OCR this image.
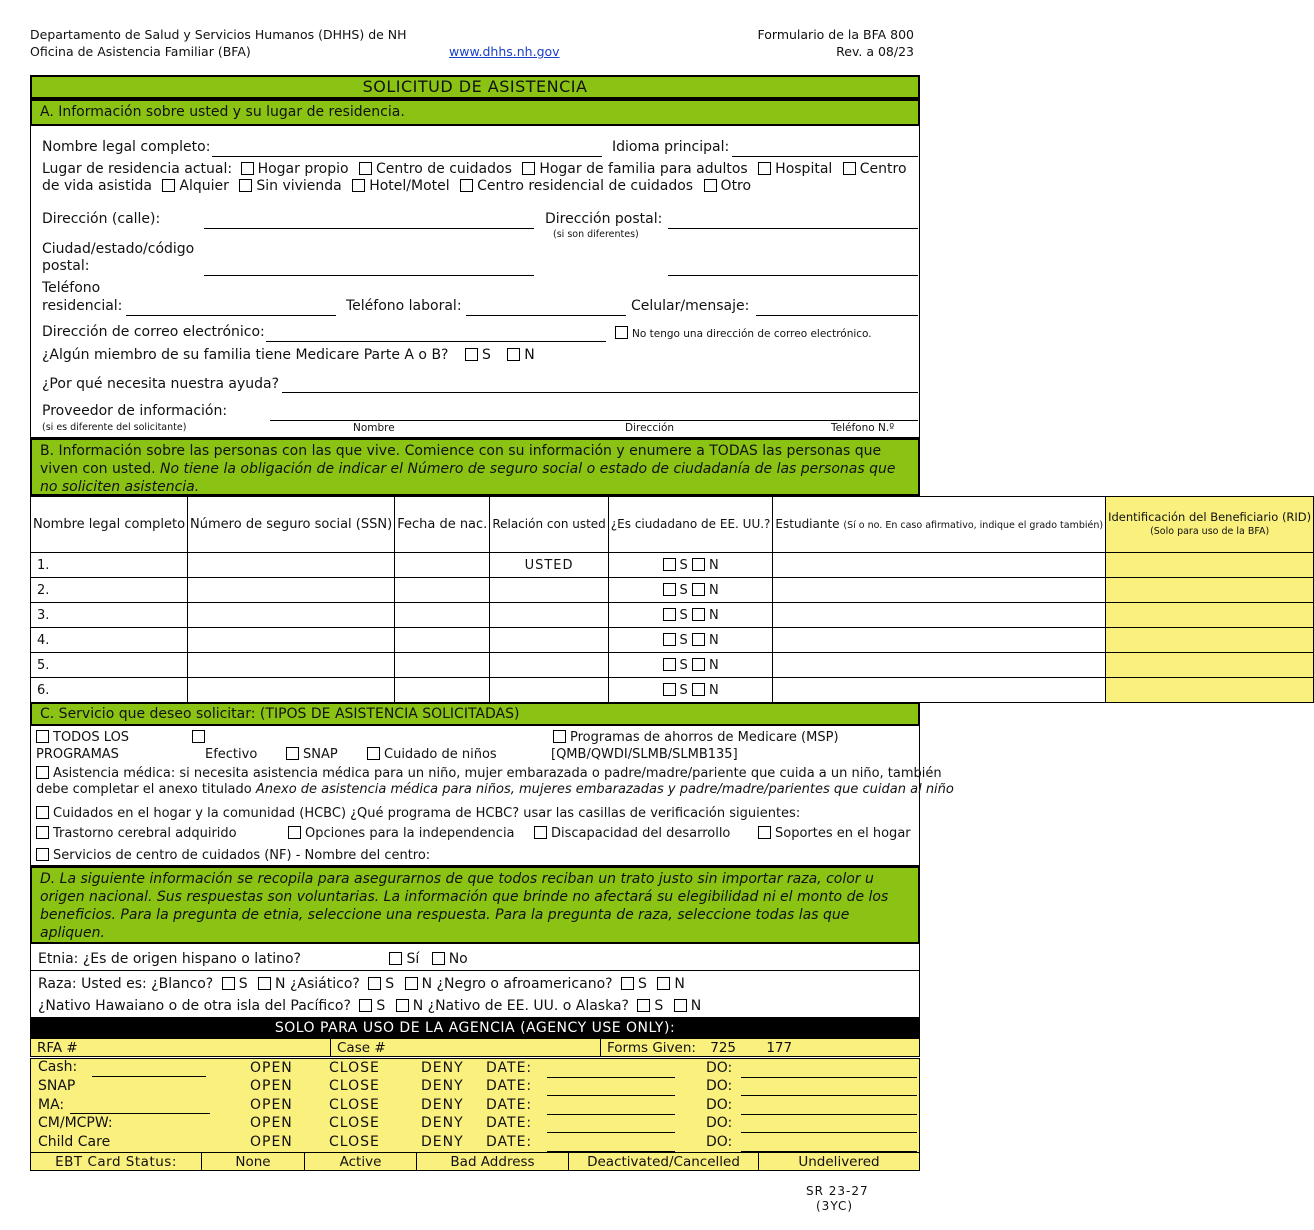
Departamento de Salud y Servicios Humanos (DHHS) de NH
Oficina de Asistencia Familiar (BFA)	www.dhhs.nh.gov
Formulario de la BFA 800
Rev. a 08/23
SOLICITUD DE ASISTENCIA
A. Información sobre usted y su lugar de residencia.
Nombre legal completo:	Idioma principal:
Lugar de residencia actual: Hogar propio Centro de cuidados Hogar de familia para adultos Hospital Centro
de vida asistida Alquier Sin vivienda Hotel/Motel Centro residencial de cuidados Otro
Dirección (calle):	Dirección postal:
(si son diferentes)
Ciudad/estado/código
postal:
Teléfono
residencial:	Teléfono laboral:	Celular/mensaje:
Dirección de correo electrónico:	No tengo una dirección de correo electrónico.
¿Algún miembro de su familia tiene Medicare Parte A o B? S N
¿Por qué necesita nuestra ayuda?
Proveedor de información:
(si es diferente del solicitante)	Nombre	Dirección	Teléfono N.º
B. Información sobre las personas con las que vive. Comience con su información y enumere a TODAS las personas que viven con usted. No tiene la obligación de indicar el Número de seguro social o estado de ciudadanía de las personas que no soliciten asistencia.
Nombre legal completo	Número de seguro social (SSN)	Fecha de nac.	Relación con usted	¿Es ciudadano de EE. UU.?	Estudiante (Sí o no. En caso afirmativo, indique el grado también)	Identificación del Beneficiario (RID)
(Solo para uso de la BFA)
1.			USTED	S N		
2.				S N		
3.				S N		
4.				S N		
5.				S N		
6.				S N		
C. Servicio que deseo solicitar: (TIPOS DE ASISTENCIA SOLICITADAS)
TODOS LOS
PROGRAMAS	Efectivo	SNAP	Cuidado de niños
Programas de ahorros de Medicare (MSP)
[QMB/QWDI/SLMB/SLMB135]
Asistencia médica: si necesita asistencia médica para un niño, mujer embarazada o padre/madre/pariente que cuida a un niño, también
debe completar el anexo titulado Anexo de asistencia médica para niños, mujeres embarazadas y padre/madre/parientes que cuidan al niño
Cuidados en el hogar y la comunidad (HCBC) ¿Qué programa de HCBC? usar las casillas de verificación siguientes:
Trastorno cerebral adquirido	Opciones para la independencia	Discapacidad del desarrollo	Soportes en el hogar
Servicios de centro de cuidados (NF) - Nombre del centro:
D. La siguiente información se recopila para asegurarnos de que todos reciban un trato justo sin importar raza, color u origen nacional. Sus respuestas son voluntarias. La información que brinde no afectará su elegibilidad ni el monto de los beneficios. Para la pregunta de etnia, seleccione una respuesta. Para la pregunta de raza, seleccione todas las que apliquen.
Etnia: ¿Es de origen hispano o latino?	Sí No
Raza: Usted es: ¿Blanco? S N ¿Asiático? S N ¿Negro o afroamericano? S N
¿Nativo Hawaiano o de otra isla del Pacífico? S N ¿Nativo de EE. UU. o Alaska? S N
SOLO PARA USO DE LA AGENCIA (AGENCY USE ONLY):
RFA #	Case #	Forms Given: 725 177
Cash:	OPEN	CLOSE	DENY DATE:	DO:
SNAP	OPEN	CLOSE	DENY DATE:	DO:
MA:	OPEN	CLOSE	DENY DATE:	DO:
CM/MCPW:	OPEN	CLOSE	DENY DATE:	DO:
Child Care	OPEN	CLOSE	DENY DATE:	DO:
EBT Card Status:	None	Active	Bad Address	Deactivated/Cancelled	Undelivered
SR 23-27
(3YC)
